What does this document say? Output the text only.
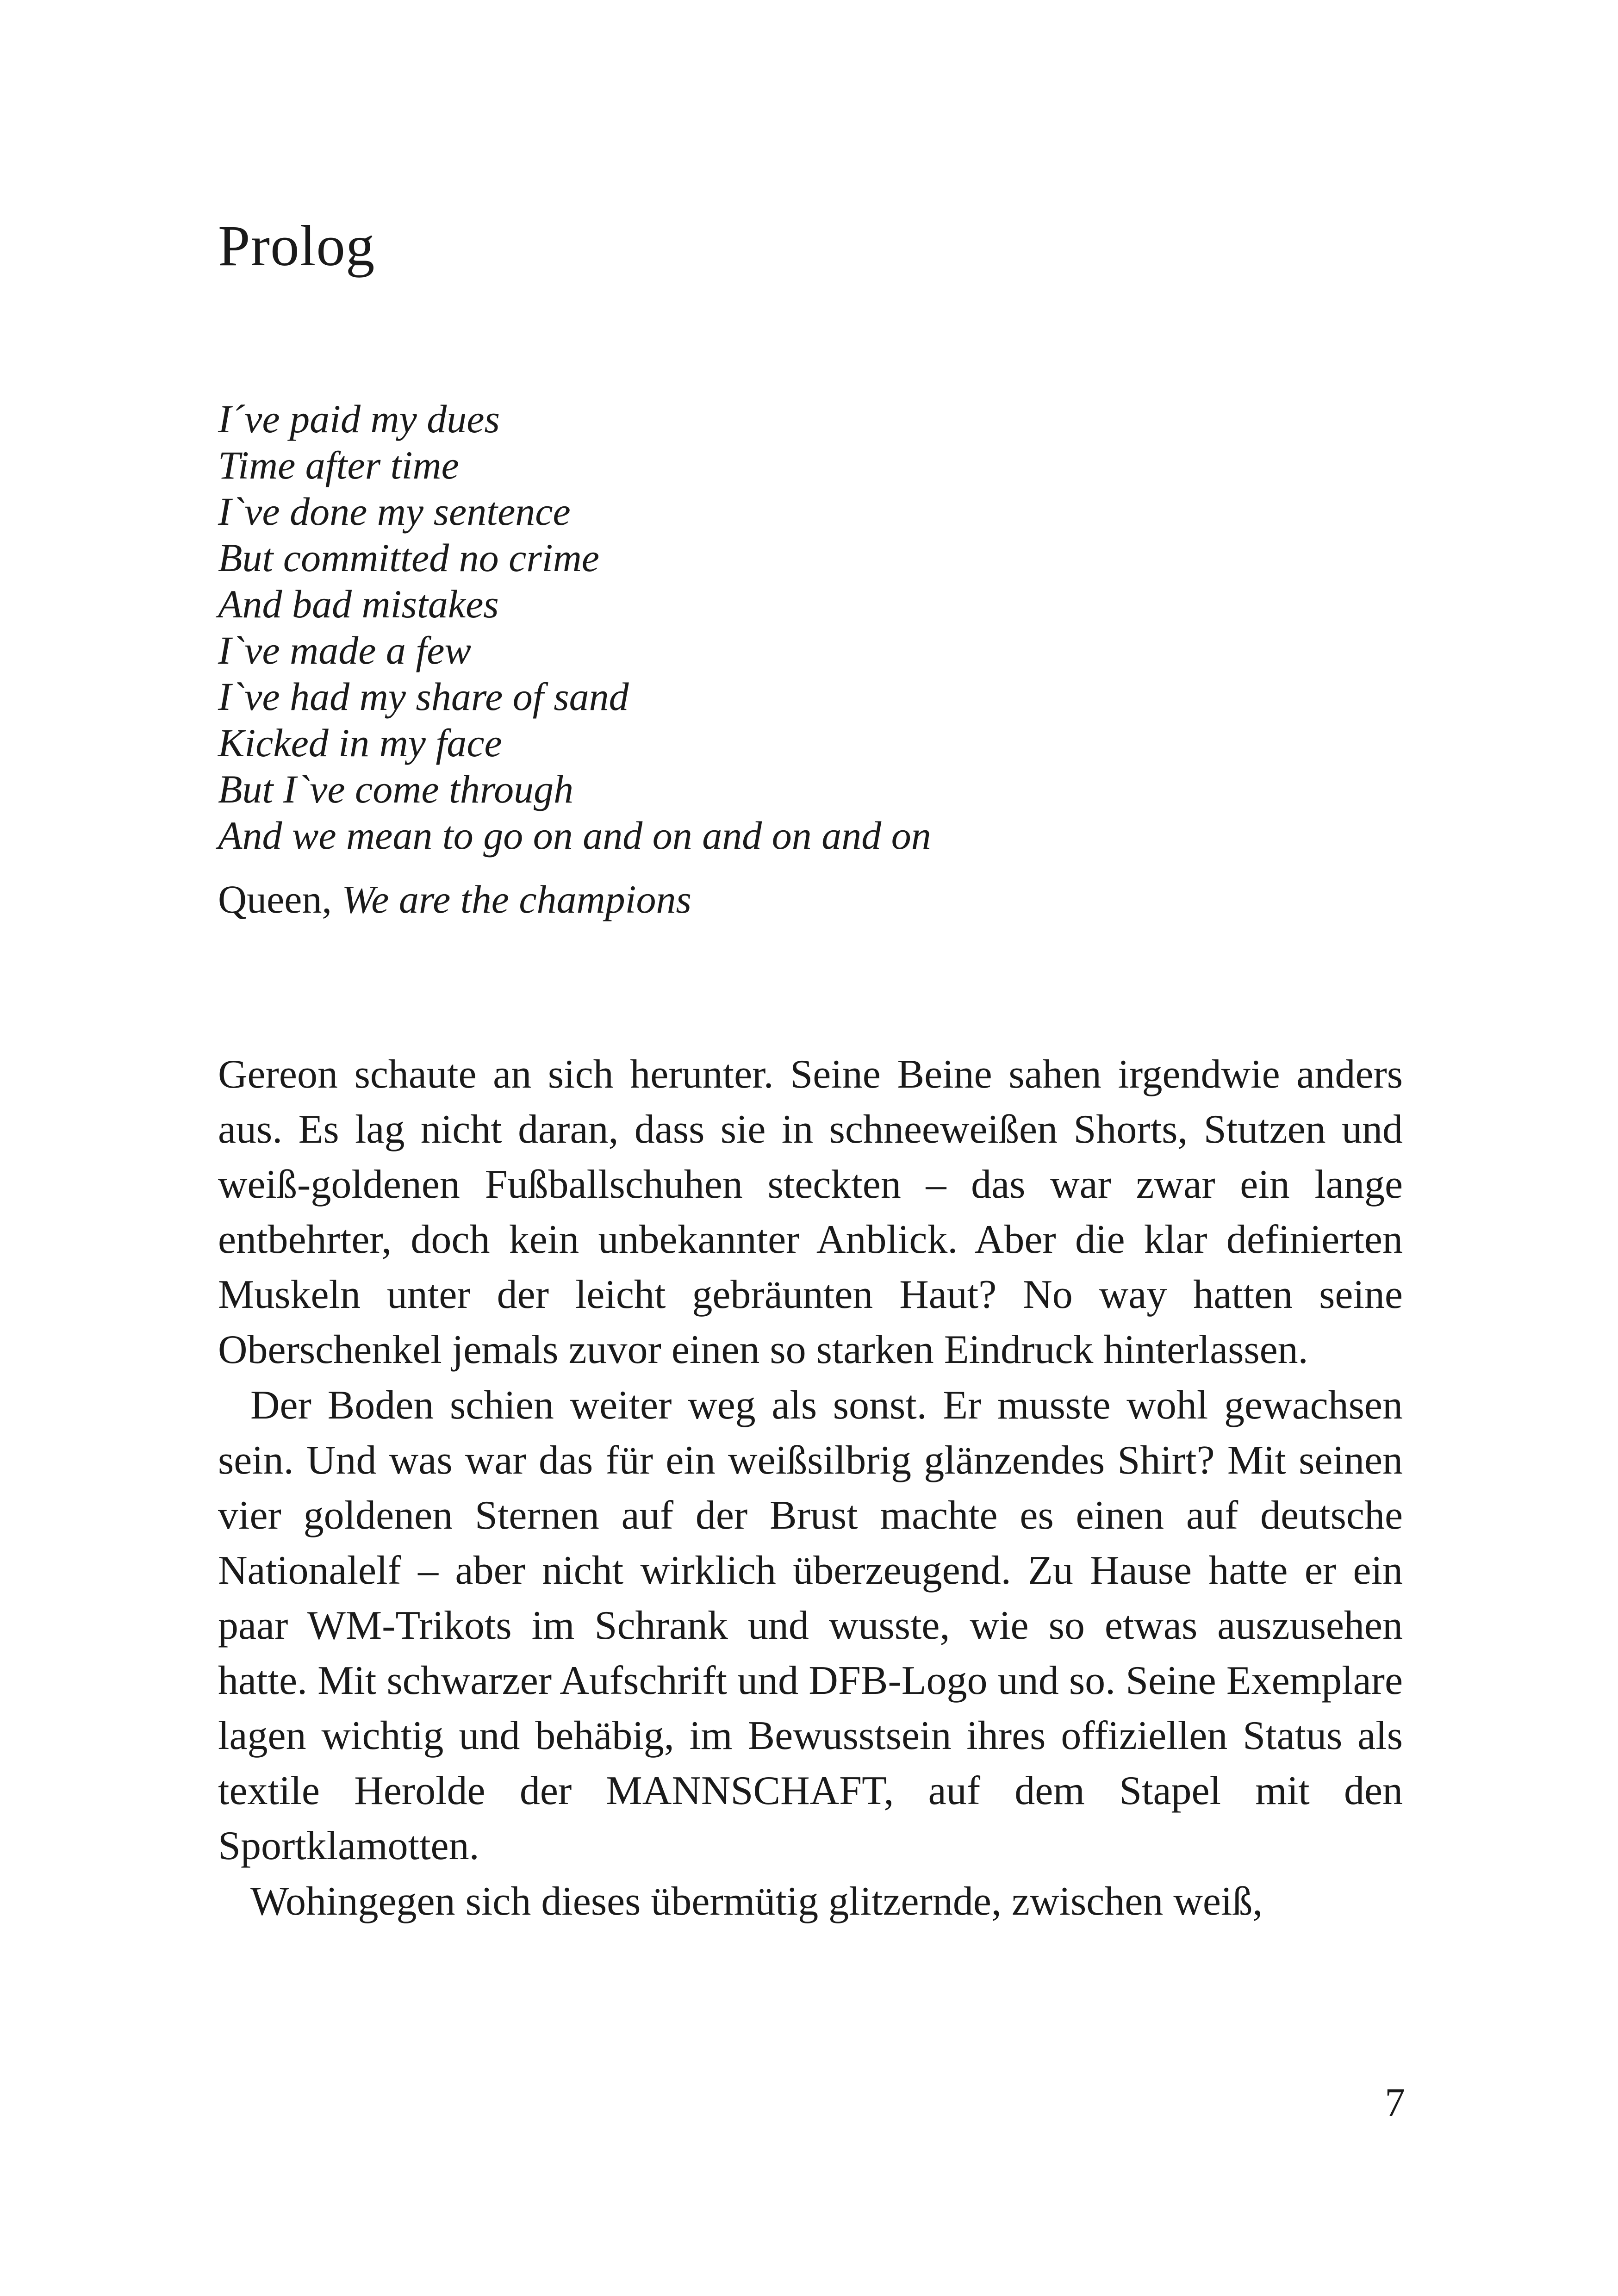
Prolog
I´ve paid my dues
Time after time
I`ve done my sentence
But committed no crime
And bad mistakes
I`ve made a few
I`ve had my share of sand
Kicked in my face
But I`ve come through
And we mean to go on and on and on and on
Queen, We are the champions

Gereon schaute an sich herunter. Seine Beine sahen irgendwie anders aus. Es lag nicht daran, dass sie in schneeweißen Shorts, Stutzen und weiß-goldenen Fußballschuhen steckten – das war zwar ein lange entbehrter, doch kein unbekannter Anblick. Aber die klar definierten Muskeln unter der leicht gebräunten Haut? No way hatten seine Oberschenkel jemals zuvor einen so starken Eindruck hinterlassen.

Der Boden schien weiter weg als sonst. Er musste wohl gewachsen sein. Und was war das für ein weißsilbrig glänzendes Shirt? Mit seinen vier goldenen Sternen auf der Brust machte es einen auf deutsche Nationalelf – aber nicht wirklich überzeugend. Zu Hause hatte er ein paar WM-Trikots im Schrank und wusste, wie so etwas auszusehen hatte. Mit schwarzer Aufschrift und DFB-Logo und so. Seine Exemplare lagen wichtig und behäbig, im Bewusstsein ihres offiziellen Status als textile Herolde der MANNSCHAFT, auf dem Stapel mit den Sportklamotten.

Wohingegen sich dieses übermütig glitzernde, zwischen weiß,

7
